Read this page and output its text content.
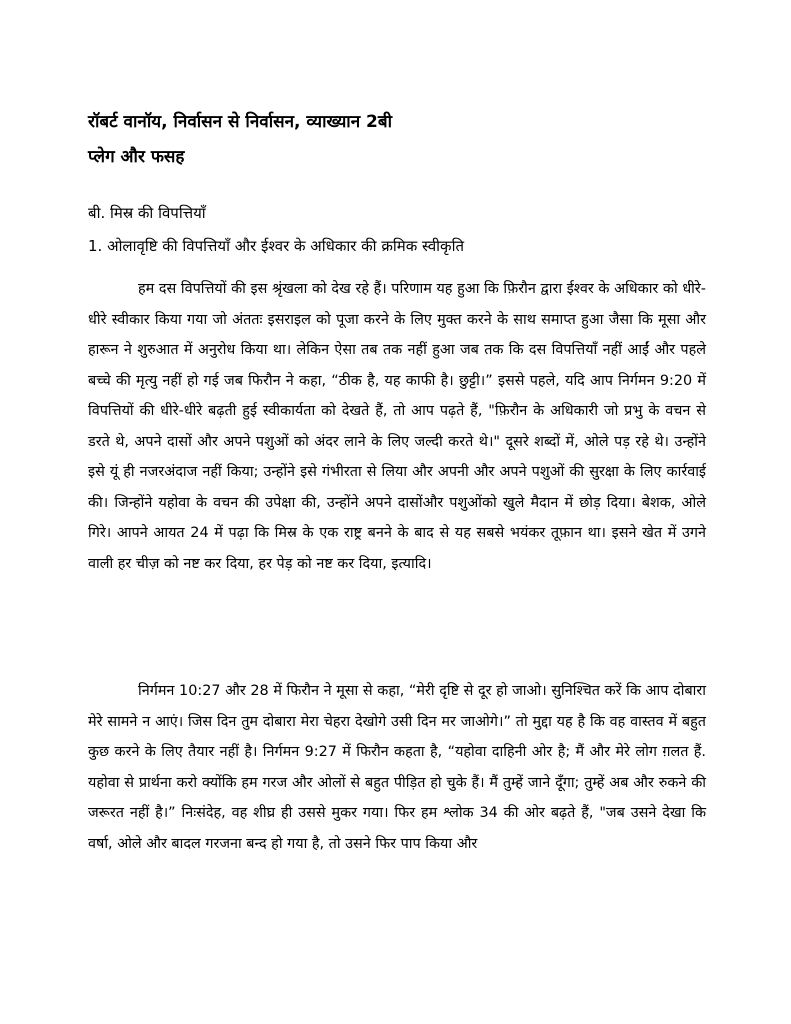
रॉबर्ट वानॉय, निर्वासन से निर्वासन, व्याख्यान 2बी
प्लेग और फसह
बी. मिस्र की विपत्तियाँ
1. ओलावृष्टि की विपत्तियाँ और ईश्वर के अधिकार की क्रमिक स्वीकृति

हम दस विपत्तियों की इस श्रृंखला को देख रहे हैं। परिणाम यह हुआ कि फ़िरौन द्वारा ईश्वर के अधिकार को धीरे-धीरे स्वीकार किया गया जो अंततः इसराइल को पूजा करने के लिए मुक्त करने के साथ समाप्त हुआ जैसा कि मूसा और हारून ने शुरुआत में अनुरोध किया था। लेकिन ऐसा तब तक नहीं हुआ जब तक कि दस विपत्तियाँ नहीं आईं और पहले बच्चे की मृत्यु नहीं हो गई जब फिरौन ने कहा, “ठीक है, यह काफी है। छुट्टी।” इससे पहले, यदि आप निर्गमन 9:20 में विपत्तियों की धीरे-धीरे बढ़ती हुई स्वीकार्यता को देखते हैं, तो आप पढ़ते हैं, "फ़िरौन के अधिकारी जो प्रभु के वचन से डरते थे, अपने दासों और अपने पशुओं को अंदर लाने के लिए जल्दी करते थे।" दूसरे शब्दों में, ओले पड़ रहे थे। उन्होंने इसे यूं ही नजरअंदाज नहीं किया; उन्होंने इसे गंभीरता से लिया और अपनी और अपने पशुओं की सुरक्षा के लिए कार्रवाई की। जिन्होंने यहोवा के वचन की उपेक्षा की, उन्होंने अपने दासोंऔर पशुओंको खुले मैदान में छोड़ दिया। बेशक, ओले गिरे। आपने आयत 24 में पढ़ा कि मिस्र के एक राष्ट्र बनने के बाद से यह सबसे भयंकर तूफ़ान था। इसने खेत में उगने वाली हर चीज़ को नष्ट कर दिया, हर पेड़ को नष्ट कर दिया, इत्यादि।

निर्गमन 10:27 और 28 में फिरौन ने मूसा से कहा, “मेरी दृष्टि से दूर हो जाओ। सुनिश्चित करें कि आप दोबारा मेरे सामने न आएं। जिस दिन तुम दोबारा मेरा चेहरा देखोगे उसी दिन मर जाओगे।” तो मुद्दा यह है कि वह वास्तव में बहुत कुछ करने के लिए तैयार नहीं है। निर्गमन 9:27 में फिरौन कहता है, “यहोवा दाहिनी ओर है; मैं और मेरे लोग ग़लत हैं. यहोवा से प्रार्थना करो क्योंकि हम गरज और ओलों से बहुत पीड़ित हो चुके हैं। मैं तुम्हें जाने दूँगा; तुम्हें अब और रुकने की जरूरत नहीं है।” निःसंदेह, वह शीघ्र ही उससे मुकर गया। फिर हम श्लोक 34 की ओर बढ़ते हैं, "जब उसने देखा कि वर्षा, ओले और बादल गरजना बन्द हो गया है, तो उसने फिर पाप किया और
